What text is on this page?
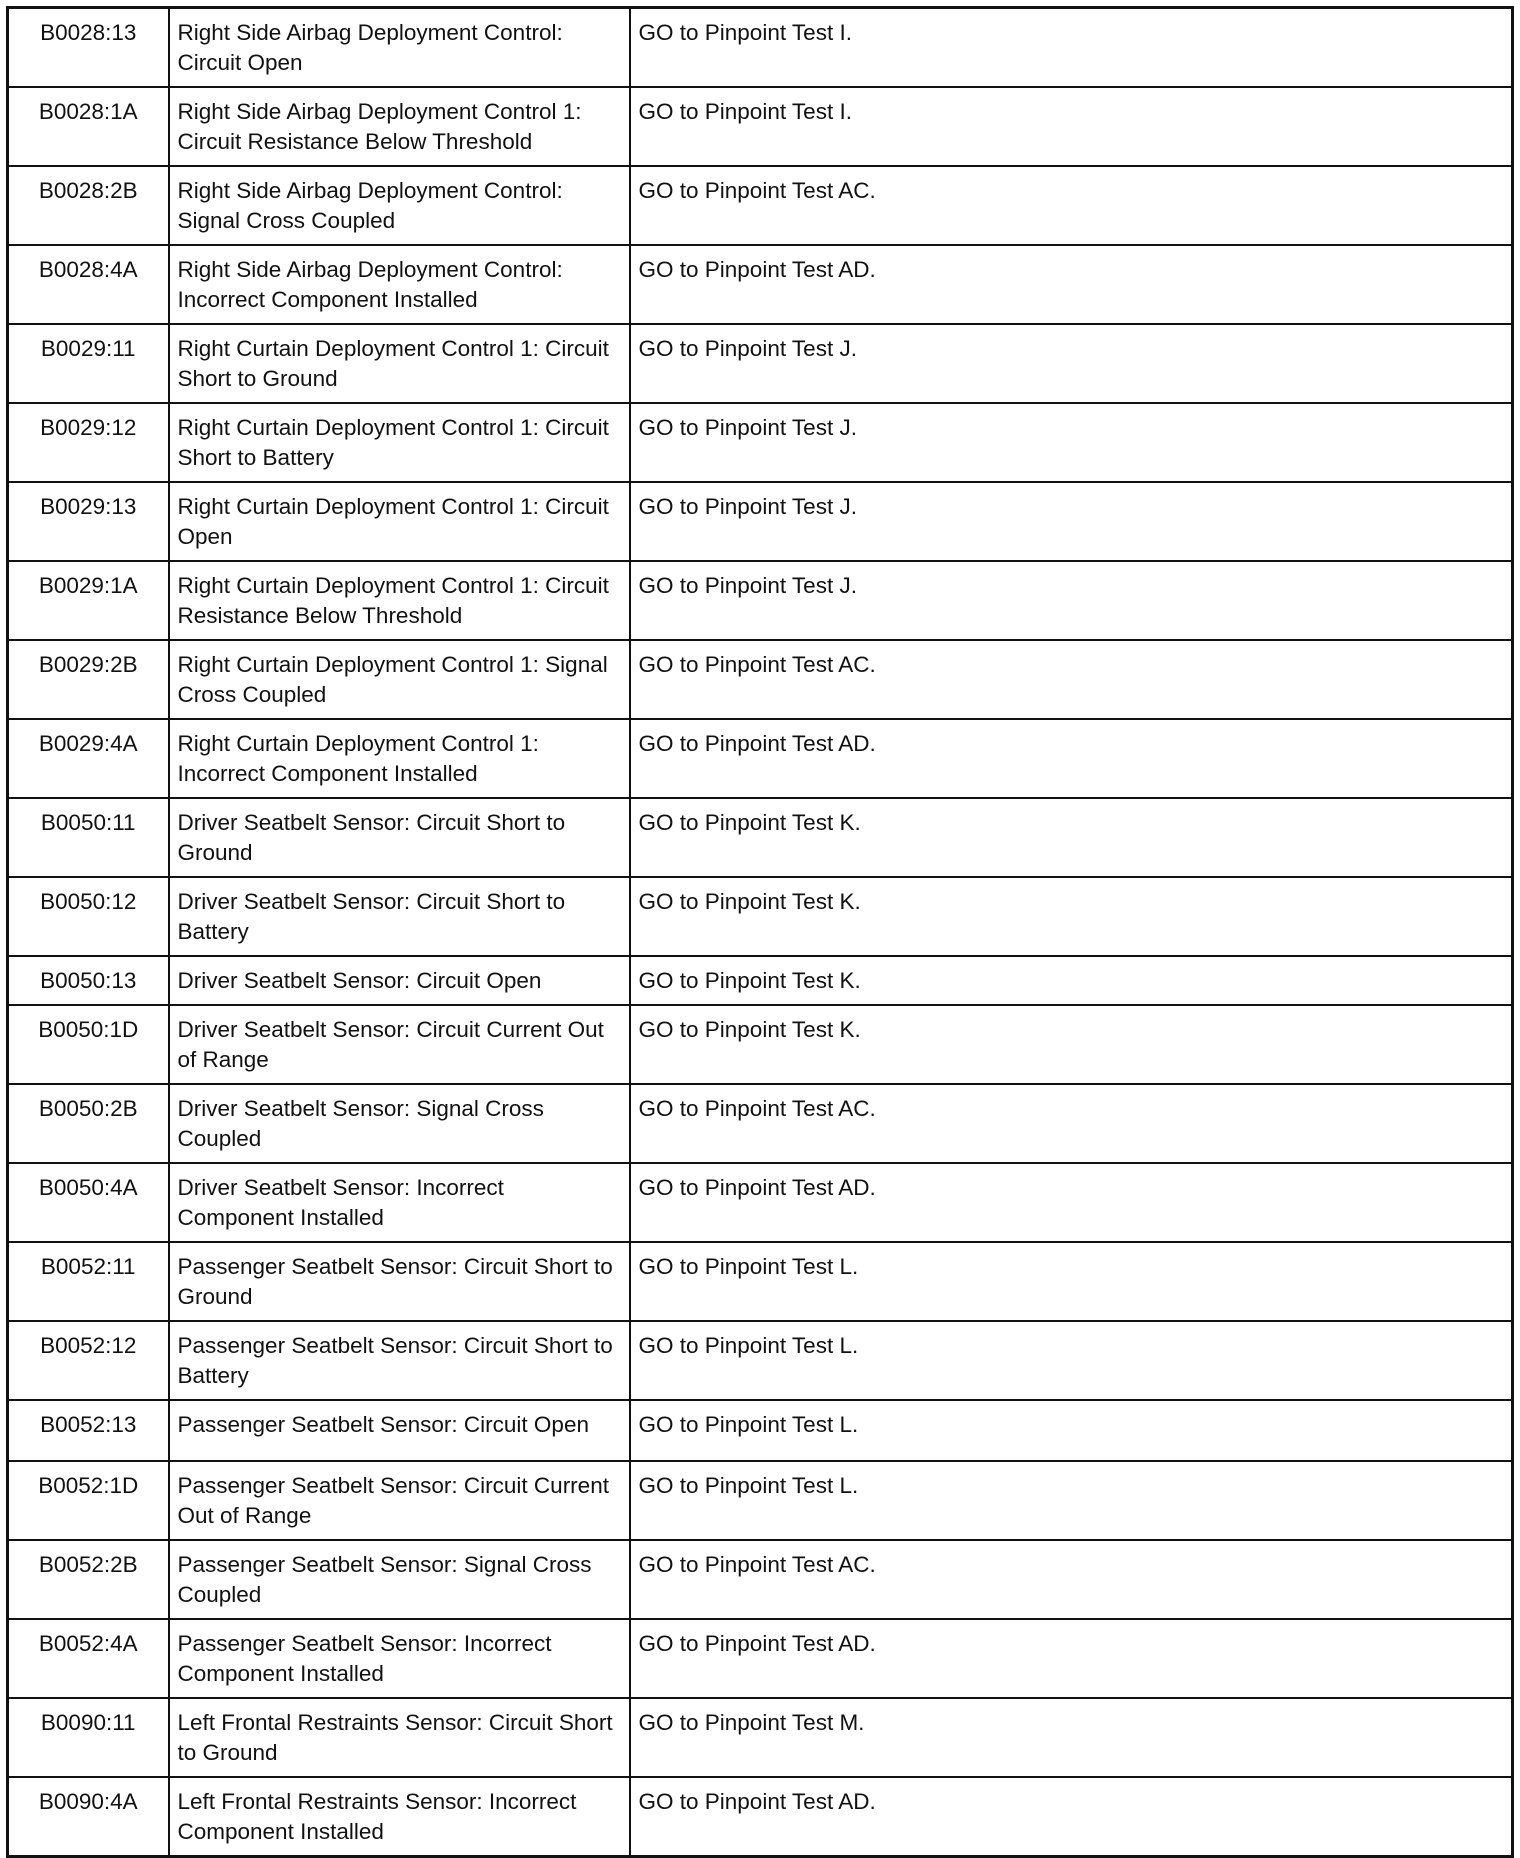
B0028:13	Right Side Airbag Deployment Control: Circuit Open	GO to Pinpoint Test I.
B0028:1A	Right Side Airbag Deployment Control 1: Circuit Resistance Below Threshold	GO to Pinpoint Test I.
B0028:2B	Right Side Airbag Deployment Control: Signal Cross Coupled	GO to Pinpoint Test AC.
B0028:4A	Right Side Airbag Deployment Control: Incorrect Component Installed	GO to Pinpoint Test AD.
B0029:11	Right Curtain Deployment Control 1: Circuit Short to Ground	GO to Pinpoint Test J.
B0029:12	Right Curtain Deployment Control 1: Circuit Short to Battery	GO to Pinpoint Test J.
B0029:13	Right Curtain Deployment Control 1: Circuit Open	GO to Pinpoint Test J.
B0029:1A	Right Curtain Deployment Control 1: Circuit Resistance Below Threshold	GO to Pinpoint Test J.
B0029:2B	Right Curtain Deployment Control 1: Signal Cross Coupled	GO to Pinpoint Test AC.
B0029:4A	Right Curtain Deployment Control 1: Incorrect Component Installed	GO to Pinpoint Test AD.
B0050:11	Driver Seatbelt Sensor: Circuit Short to Ground	GO to Pinpoint Test K.
B0050:12	Driver Seatbelt Sensor: Circuit Short to Battery	GO to Pinpoint Test K.
B0050:13	Driver Seatbelt Sensor: Circuit Open	GO to Pinpoint Test K.
B0050:1D	Driver Seatbelt Sensor: Circuit Current Out of Range	GO to Pinpoint Test K.
B0050:2B	Driver Seatbelt Sensor: Signal Cross Coupled	GO to Pinpoint Test AC.
B0050:4A	Driver Seatbelt Sensor: Incorrect Component Installed	GO to Pinpoint Test AD.
B0052:11	Passenger Seatbelt Sensor: Circuit Short to Ground	GO to Pinpoint Test L.
B0052:12	Passenger Seatbelt Sensor: Circuit Short to Battery	GO to Pinpoint Test L.
B0052:13	Passenger Seatbelt Sensor: Circuit Open	GO to Pinpoint Test L.
B0052:1D	Passenger Seatbelt Sensor: Circuit Current Out of Range	GO to Pinpoint Test L.
B0052:2B	Passenger Seatbelt Sensor: Signal Cross Coupled	GO to Pinpoint Test AC.
B0052:4A	Passenger Seatbelt Sensor: Incorrect Component Installed	GO to Pinpoint Test AD.
B0090:11	Left Frontal Restraints Sensor: Circuit Short to Ground	GO to Pinpoint Test M.
B0090:4A	Left Frontal Restraints Sensor: Incorrect Component Installed	GO to Pinpoint Test AD.
